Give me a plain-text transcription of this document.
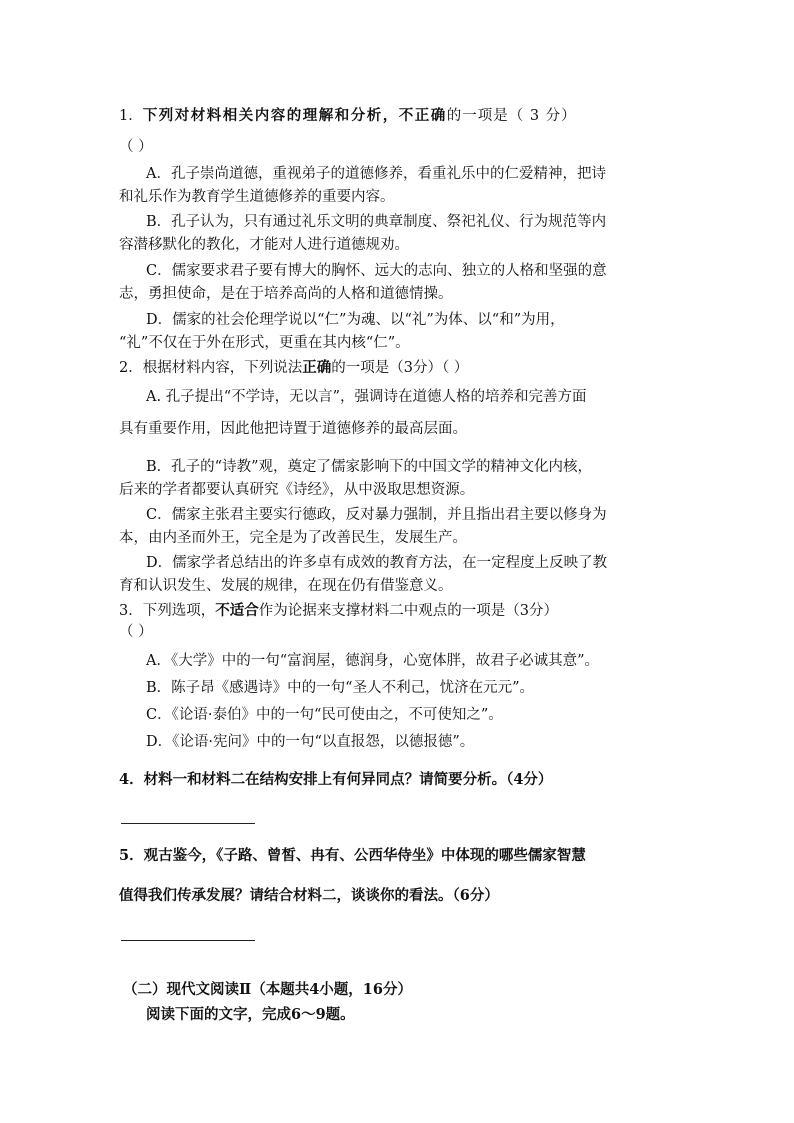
1．下列对材料相关内容的理解和分析，不正确的一项是（ 3 分）
（ ）
A．孔子崇尚道德，重视弟子的道德修养，看重礼乐中的仁爱精神，把诗
和礼乐作为教育学生道德修养的重要内容。
B．孔子认为，只有通过礼乐文明的典章制度、祭祀礼仪、行为规范等内
容潜移默化的教化，才能对人进行道德规劝。
C．儒家要求君子要有博大的胸怀、远大的志向、独立的人格和坚强的意
志，勇担使命，是在于培养高尚的人格和道德情操。
D．儒家的社会伦理学说以“仁”为魂、以“礼”为体、以“和”为用，
“礼”不仅在于外在形式，更重在其内核“仁”。
2．根据材料内容，下列说法正确的一项是（3分）（ ）
A. 孔子提出“不学诗，无以言”，强调诗在道德人格的培养和完善方面
具有重要作用，因此他把诗置于道德修养的最高层面。
B．孔子的“诗教”观，奠定了儒家影响下的中国文学的精神文化内核，
后来的学者都要认真研究《诗经》，从中汲取思想资源。
C．儒家主张君主要实行德政，反对暴力强制，并且指出君主要以修身为
本，由内圣而外王，完全是为了改善民生，发展生产。
D．儒家学者总结出的许多卓有成效的教育方法，在一定程度上反映了教
育和认识发生、发展的规律，在现在仍有借鉴意义。
3．下列选项，不适合作为论据来支撑材料二中观点的一项是（3分）
（ ）
A．《大学》中的一句“富润屋，德润身，心宽体胖，故君子必诚其意”。
B．陈子昂《感遇诗》中的一句“圣人不利己，忧济在元元”。
C．《论语·泰伯》中的一句“民可使由之，不可使知之”。
D．《论语·宪问》中的一句“以直报怨，以德报德”。
4．材料一和材料二在结构安排上有何异同点？请简要分析。（4分）
5．观古鉴今，《子路、曾皙、冉有、公西华侍坐》中体现的哪些儒家智慧
值得我们传承发展？请结合材料二，谈谈你的看法。（6分）
（二）现代文阅读Ⅱ（本题共4小题，16分）
阅读下面的文字，完成6～9题。
